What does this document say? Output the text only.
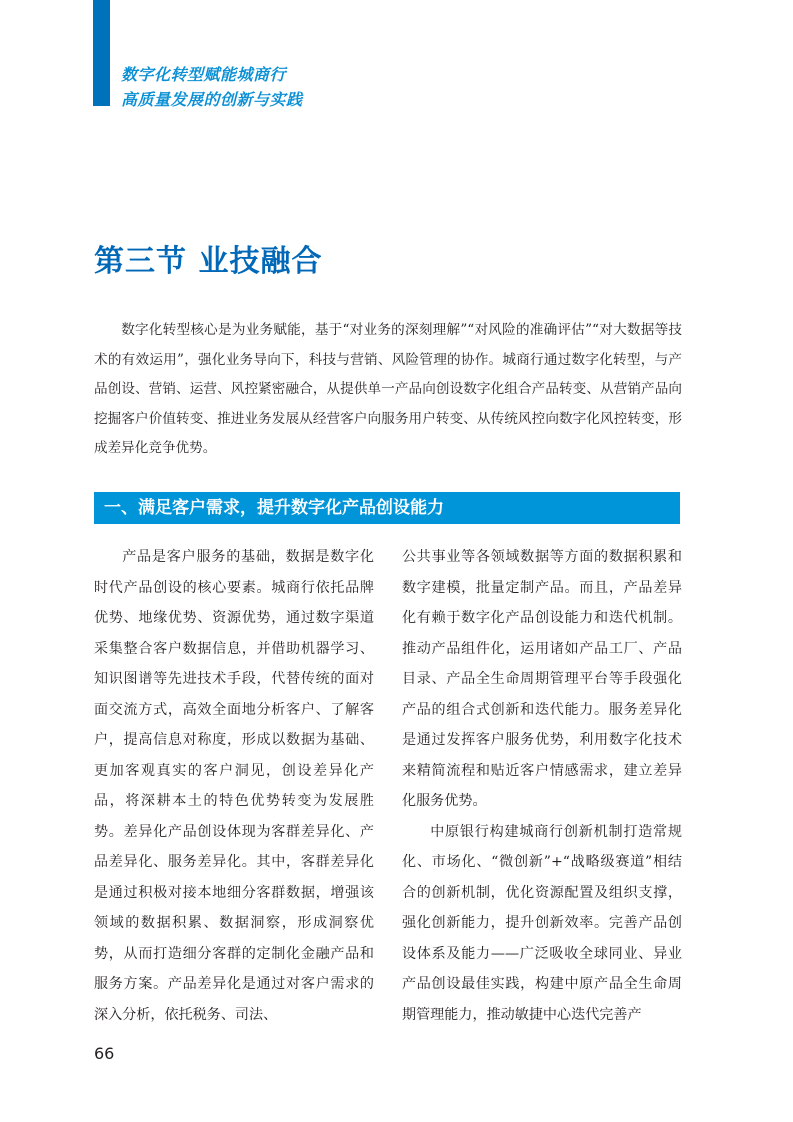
数字化转型赋能城商行
高质量发展的创新与实践
第三节 业技融合

数字化转型核心是为业务赋能，基于“对业务的深刻理解”“对风险的准确评估”“对大数据等技术的有效运用”，强化业务导向下，科技与营销、风险管理的协作。城商行通过数字化转型，与产品创设、营销、运营、风控紧密融合，从提供单一产品向创设数字化组合产品转变、从营销产品向挖掘客户价值转变、推进业务发展从经营客户向服务用户转变、从传统风控向数字化风控转变，形成差异化竞争优势。

一、满足客户需求，提升数字化产品创设能力

产品是客户服务的基础，数据是数字化时代产品创设的核心要素。城商行依托品牌优势、地缘优势、资源优势，通过数字渠道采集整合客户数据信息，并借助机器学习、知识图谱等先进技术手段，代替传统的面对面交流方式，高效全面地分析客户、了解客户，提高信息对称度，形成以数据为基础、更加客观真实的客户洞见，创设差异化产品，将深耕本土的特色优势转变为发展胜势。差异化产品创设体现为客群差异化、产品差异化、服务差异化。其中，客群差异化是通过积极对接本地细分客群数据，增强该领域的数据积累、数据洞察，形成洞察优势，从而打造细分客群的定制化金融产品和服务方案。产品差异化是通过对客户需求的深入分析，依托税务、司法、

公共事业等各领域数据等方面的数据积累和数字建模，批量定制产品。而且，产品差异化有赖于数字化产品创设能力和迭代机制。推动产品组件化，运用诸如产品工厂、产品目录、产品全生命周期管理平台等手段强化产品的组合式创新和迭代能力。服务差异化是通过发挥客户服务优势，利用数字化技术来精简流程和贴近客户情感需求，建立差异化服务优势。

中原银行构建城商行创新机制打造常规化、市场化、“微创新”+“战略级赛道”相结合的创新机制，优化资源配置及组织支撑，强化创新能力，提升创新效率。完善产品创设体系及能力——广泛吸收全球同业、异业产品创设最佳实践，构建中原产品全生命周期管理能力，推动敏捷中心迭代完善产

66
